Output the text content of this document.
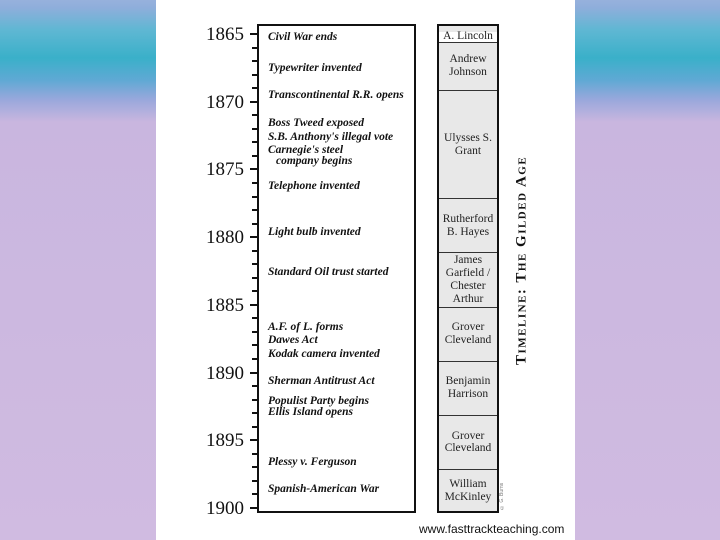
1865
1870
1875
1880
1885
1890
1895
1900
Civil War ends
Typewriter invented
Transcontinental R.R. opens
Boss Tweed exposed
S.B. Anthony's illegal vote
Carnegie's steel
company begins
Telephone invented
Light bulb invented
Standard Oil trust started
A.F. of L. forms
Dawes Act
Kodak camera invented
Sherman Antitrust Act
Populist Party begins
Ellis Island opens
Plessy v. Ferguson
Spanish-American War
A. Lincoln
Andrew Johnson
Ulysses S. Grant
Rutherford B. Hayes
James Garfield / Chester Arthur
Grover Cleveland
Benjamin Harrison
Grover Cleveland
William McKinley
Timeline: The Gilded Age
© G. Burns
www.fasttrackteaching.com
